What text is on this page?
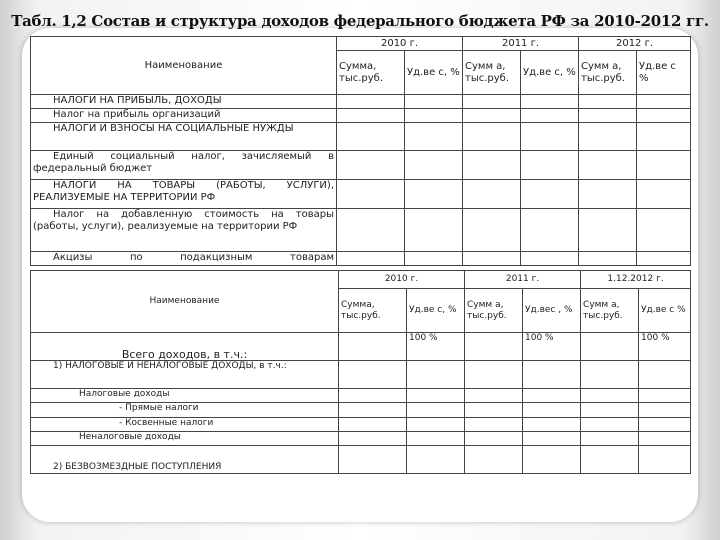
Табл. 1,2 Состав и структура доходов федерального бюджета РФ за 2010-2012 гг.
Наименование	2010 г.		2011 г.		2012 г.	
	Сумма, тыс.руб.	Уд.ве с, %	Сумм а, тыс.руб.	Уд.ве с, %	Сумм а, тыс.руб.	Уд.ве с %
НАЛОГИ НА ПРИБЫЛЬ, ДОХОДЫ						
Налог на прибыль организаций						
НАЛОГИ И ВЗНОСЫ НА СОЦИАЛЬНЫЕ НУЖДЫ						
Единый социальный налог, зачисляемый в федеральный бюджет						
НАЛОГИ НА ТОВАРЫ (РАБОТЫ, УСЛУГИ), РЕАЛИЗУЕМЫЕ НА ТЕРРИТОРИИ РФ						
Налог на добавленную стоимость на товары (работы, услуги), реализуемые на территории РФ						
Акцизы по подакцизным товарам						
Наименование	2010 г.		2011 г.		1.12.2012 г.	
	Сумма, тыс.руб.	Уд.ве с, %	Сумм а, тыс.руб.	Уд.вес , %	Сумм а, тыс.руб.	Уд.ве с %
Всего доходов, в т.ч.:		100 %		100 %		100 %
1) НАЛОГОВЫЕ И НЕНАЛОГОВЫЕ ДОХОДЫ, в т.ч.:						
Налоговые доходы						
- Прямые налоги						
- Косвенные налоги						
Неналоговые доходы						
2) БЕЗВОЗМЕЗДНЫЕ ПОСТУПЛЕНИЯ						
